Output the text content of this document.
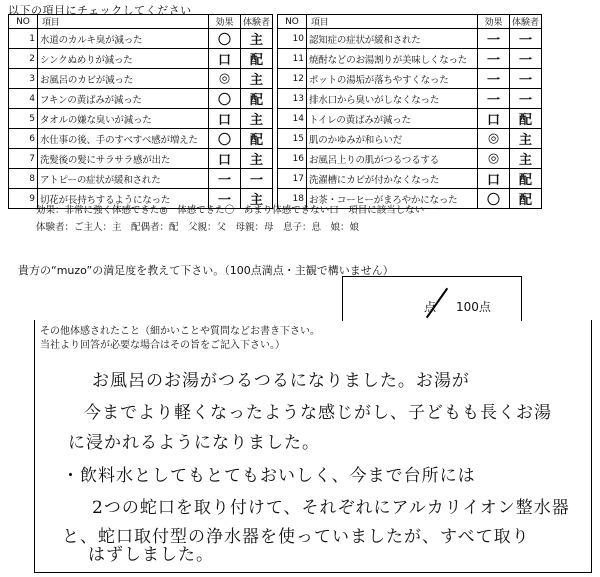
以下の項目にチェックしてください
NO	項目	効果	体験者		NO	項目	効果	体験者
1	水道のカルキ臭が減った	〇	主		10	認知症の症状が緩和された	一	一
2	シンクぬめりが減った	口	配		11	焼酎などのお湯割りが美味しくなった	一	一
3	お風呂のカビが減った	◎	主		12	ポットの湯垢が落ちやすくなった	一	一
4	フキンの黄ばみが減った	〇	配		13	排水口から臭いがしなくなった	一	一
5	タオルの嫌な臭いが減った	口	主		14	トイレの黄ばみが減った	口	配
6	水仕事の後、手のすべすべ感が増えた	〇	配		15	肌のかゆみが和らいだ	◎	主
7	洗髪後の髪にサラサラ感が出た	口	主		16	お風呂上りの肌がつるつるする	◎	主
8	アトピーの症状が緩和された	一	一		17	洗濯槽にカビが付かなくなった	口	配
9	切花が長持ちするようになった	一	主		18	お茶・コーヒーがまろやかになった	〇	配
効果：非常に強く体感できた◎　体感できた〇　あまり体感できない口　項目に該当しない一
体験者：ご主人：主　配偶者：配　父親：父　母親：母　息子：息　娘：娘
貴方の“muzo”の満足度を教えて下さい。（100点満点・主観で構いません）
点 100点
その他体感されたこと（細かいことや質問などお書き下さい。
当社より回答が必要な場合はその旨をご記入下さい。）
お風呂のお湯がつるつるになりました。お湯が
今までより軽くなったような感じがし、子どもも長くお湯
に浸かれるようになりました。
・飲料水としてもとてもおいしく、今まで台所には
2つの蛇口を取り付けて、それぞれにアルカリイオン整水器
と、蛇口取付型の浄水器を使っていましたが、すべて取り
はずしました。
